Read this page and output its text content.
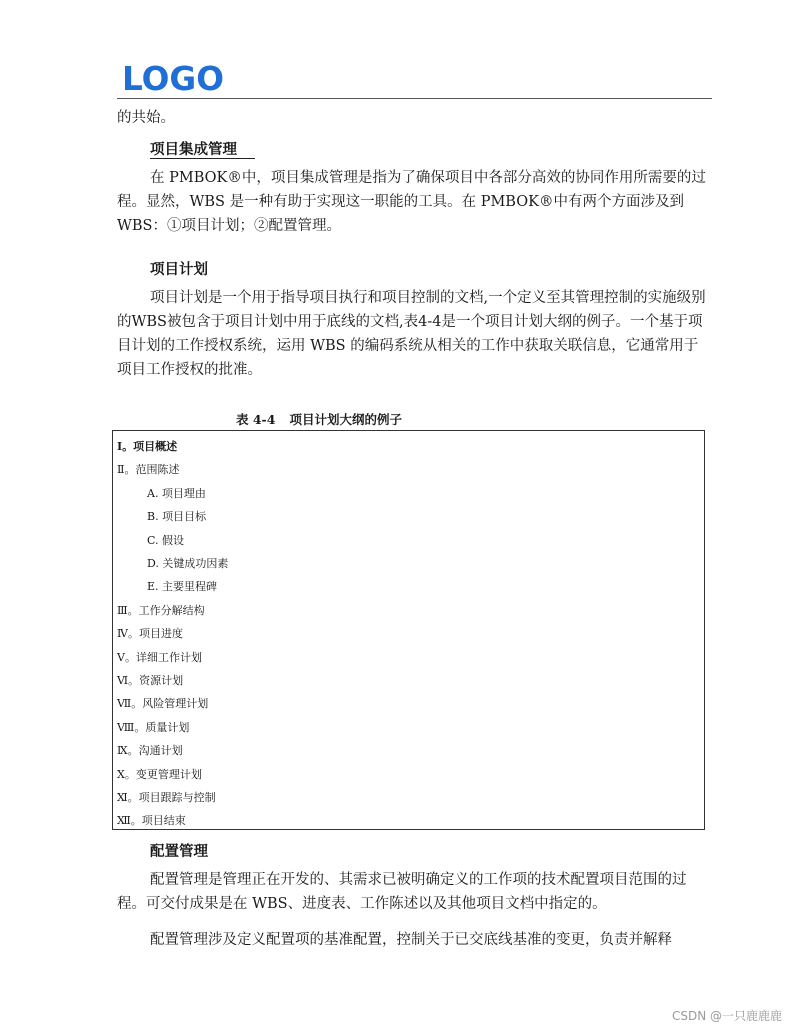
LOGO
的共始。
项目集成管理
在 PMBOK®中，项目集成管理是指为了确保项目中各部分高效的协同作用所需要的过程。显然，WBS 是一种有助于实现这一职能的工具。在 PMBOK®中有两个方面涉及到 WBS：①项目计划；②配置管理。
项目计划
项目计划是一个用于指导项目执行和项目控制的文档,一个定义至其管理控制的实施级别的WBS被包含于项目计划中用于底线的文档,表4-4是一个项目计划大纲的例子。一个基于项目计划的工作授权系统，运用 WBS 的编码系统从相关的工作中获取关联信息，它通常用于项目工作授权的批准。
表 4-4 项目计划大纲的例子
Ⅰ。项目概述
Ⅱ。范围陈述
A. 项目理由
B. 项目目标
C. 假设
D. 关键成功因素
E. 主要里程碑
Ⅲ。工作分解结构
Ⅳ。项目进度
Ⅴ。详细工作计划
Ⅵ。资源计划
Ⅶ。风险管理计划
Ⅷ。质量计划
Ⅸ。沟通计划
Ⅹ。变更管理计划
Ⅺ。项目跟踪与控制
Ⅻ。项目结束
配置管理
配置管理是管理正在开发的、其需求已被明确定义的工作项的技术配置项目范围的过程。可交付成果是在 WBS、进度表、工作陈述以及其他项目文档中指定的。
配置管理涉及定义配置项的基准配置，控制关于已交底线基准的变更，负责并解释
CSDN @一只鹿鹿鹿
